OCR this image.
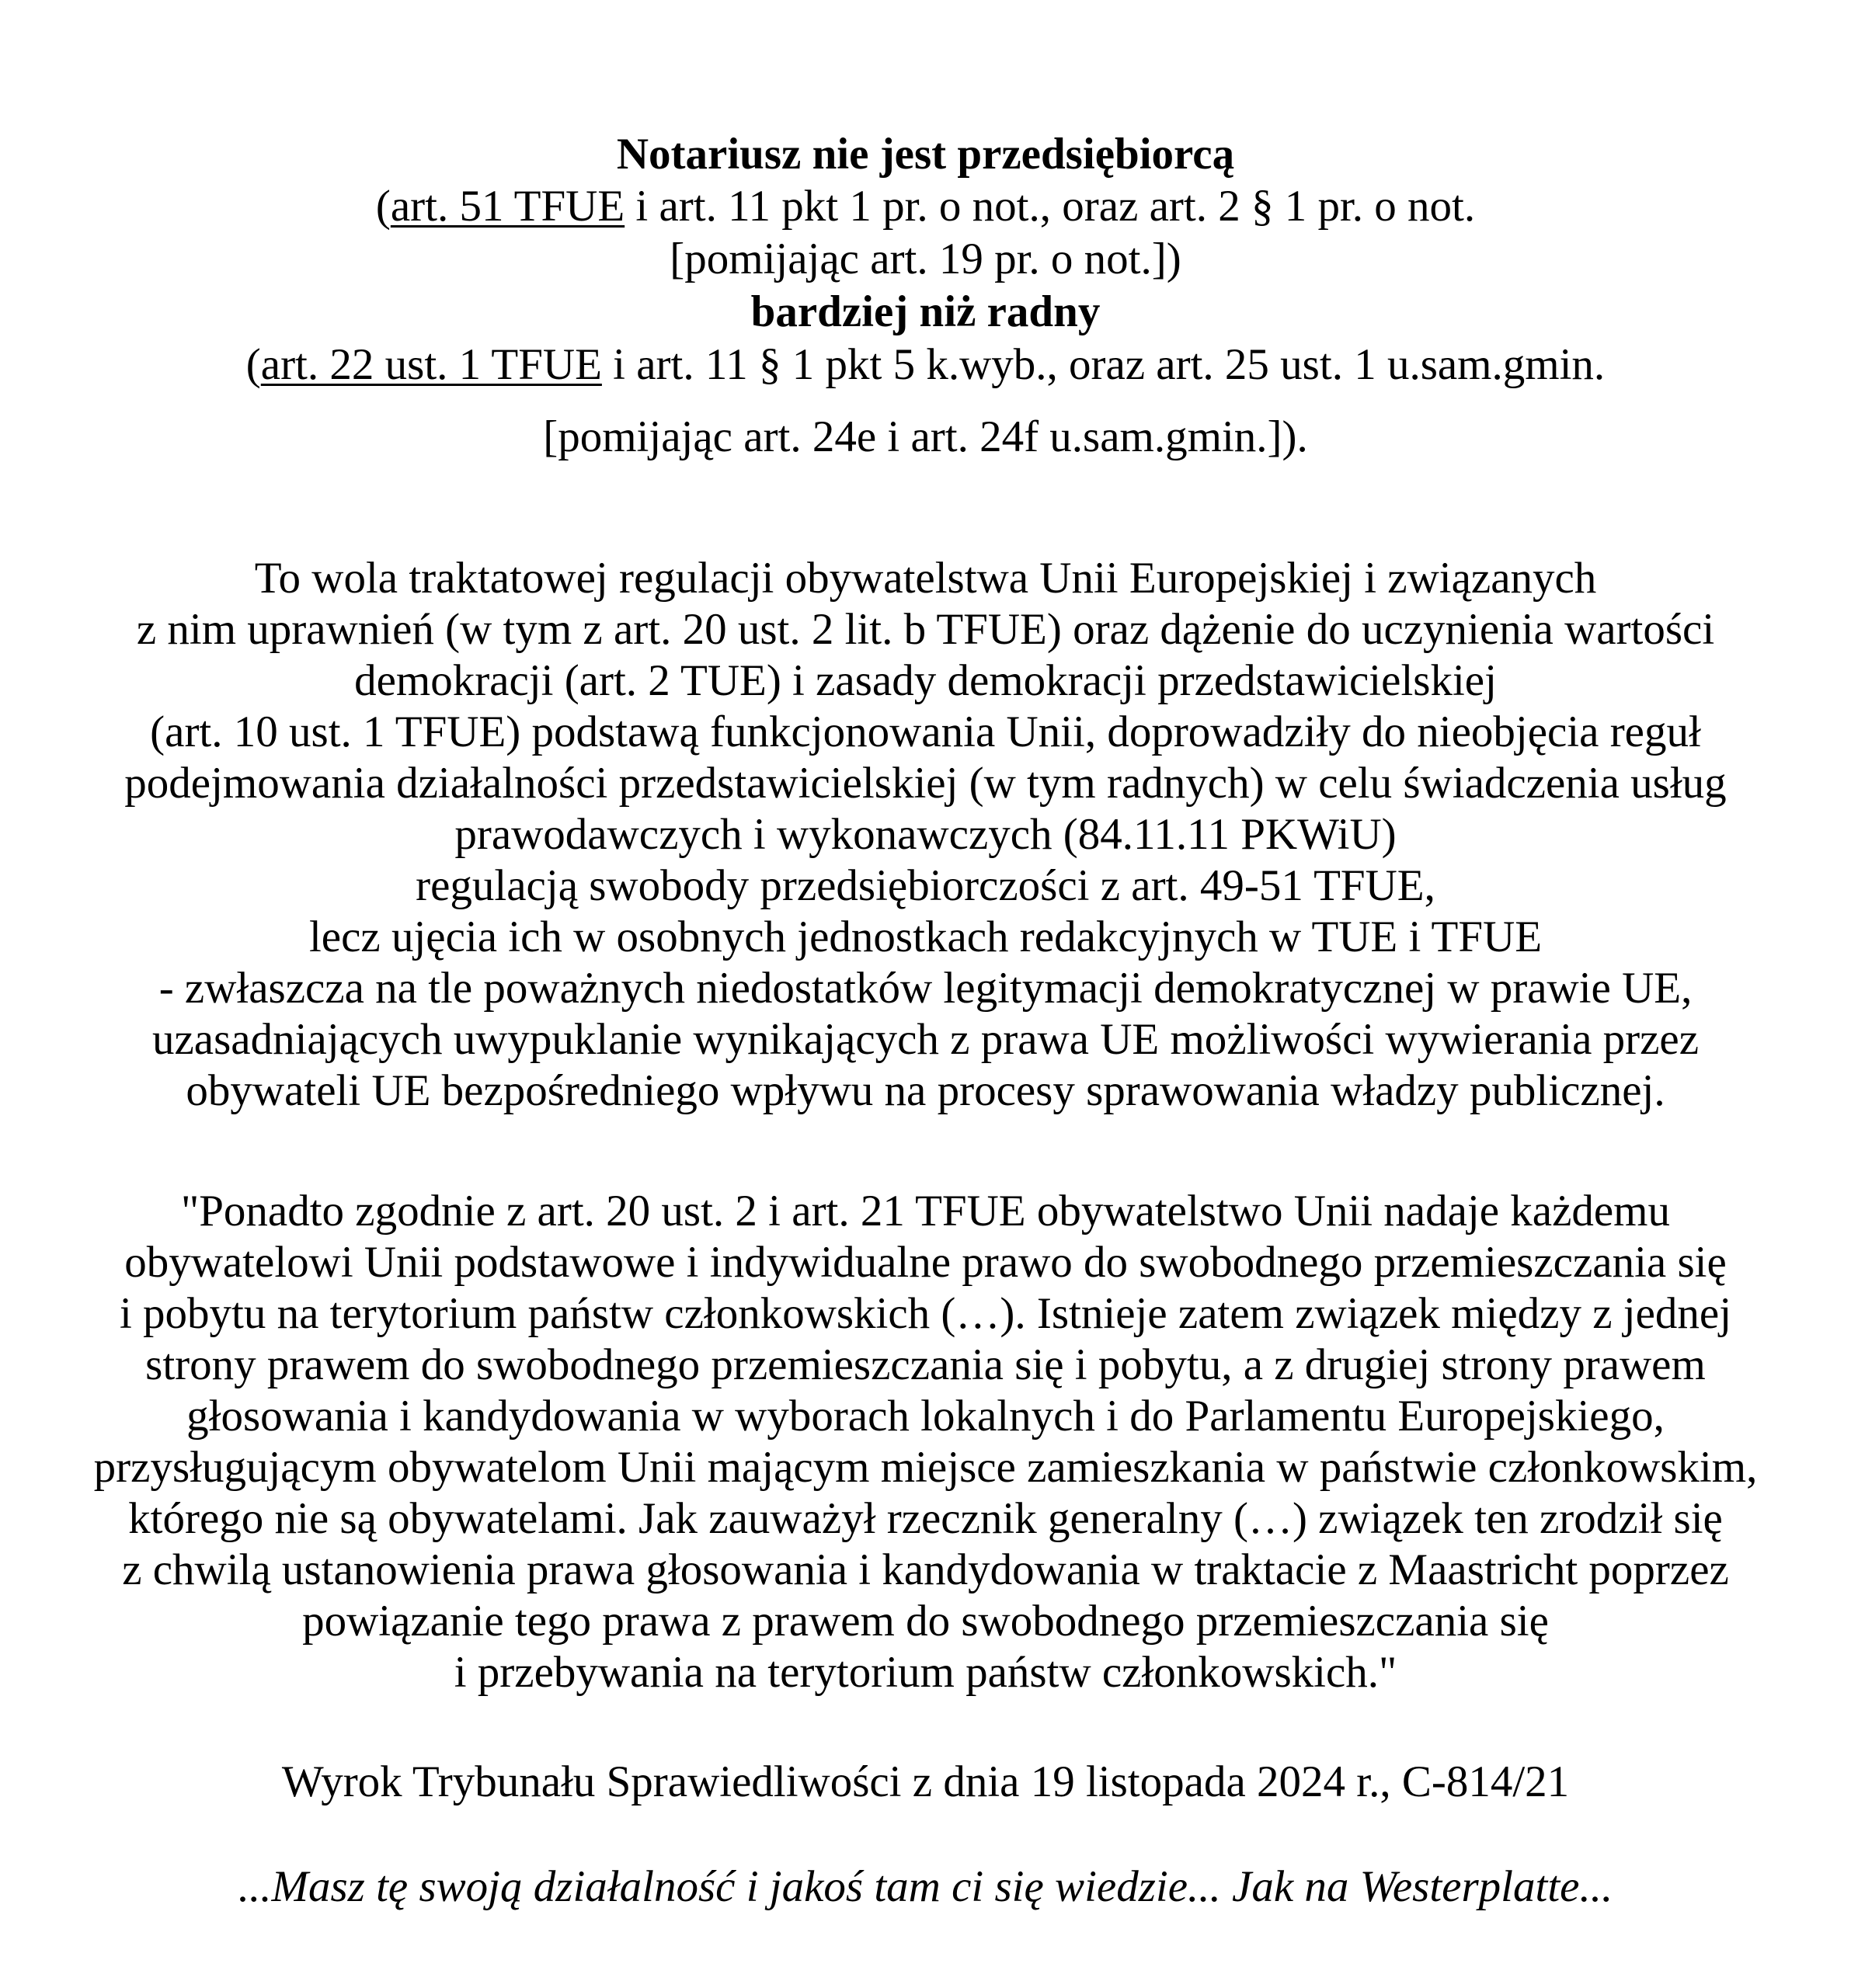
Notariusz nie jest przedsiębiorcą
(art. 51 TFUE i art. 11 pkt 1 pr. o not., oraz art. 2 § 1 pr. o not.
[pomijając art. 19 pr. o not.])
bardziej niż radny
(art. 22 ust. 1 TFUE i art. 11 § 1 pkt 5 k.wyb., oraz art. 25 ust. 1 u.sam.gmin.
[pomijając art. 24e i art. 24f u.sam.gmin.]).
To wola traktatowej regulacji obywatelstwa Unii Europejskiej i związanych
z nim uprawnień (w tym z art. 20 ust. 2 lit. b TFUE) oraz dążenie do uczynienia wartości
demokracji (art. 2 TUE) i zasady demokracji przedstawicielskiej
(art. 10 ust. 1 TFUE) podstawą funkcjonowania Unii, doprowadziły do nieobjęcia reguł
podejmowania działalności przedstawicielskiej (w tym radnych) w celu świadczenia usług
prawodawczych i wykonawczych (84.11.11 PKWiU)
regulacją swobody przedsiębiorczości z art. 49-51 TFUE,
lecz ujęcia ich w osobnych jednostkach redakcyjnych w TUE i TFUE
- zwłaszcza na tle poważnych niedostatków legitymacji demokratycznej w prawie UE,
uzasadniających uwypuklanie wynikających z prawa UE możliwości wywierania przez
obywateli UE bezpośredniego wpływu na procesy sprawowania władzy publicznej.
"Ponadto zgodnie z art. 20 ust. 2 i art. 21 TFUE obywatelstwo Unii nadaje każdemu
obywatelowi Unii podstawowe i indywidualne prawo do swobodnego przemieszczania się
i pobytu na terytorium państw członkowskich (…). Istnieje zatem związek między z jednej
strony prawem do swobodnego przemieszczania się i pobytu, a z drugiej strony prawem
głosowania i kandydowania w wyborach lokalnych i do Parlamentu Europejskiego,
przysługującym obywatelom Unii mającym miejsce zamieszkania w państwie członkowskim,
którego nie są obywatelami. Jak zauważył rzecznik generalny (…) związek ten zrodził się
z chwilą ustanowienia prawa głosowania i kandydowania w traktacie z Maastricht poprzez
powiązanie tego prawa z prawem do swobodnego przemieszczania się
i przebywania na terytorium państw członkowskich."
Wyrok Trybunału Sprawiedliwości z dnia 19 listopada 2024 r., C-814/21
...Masz tę swoją działalność i jakoś tam ci się wiedzie... Jak na Westerplatte...
